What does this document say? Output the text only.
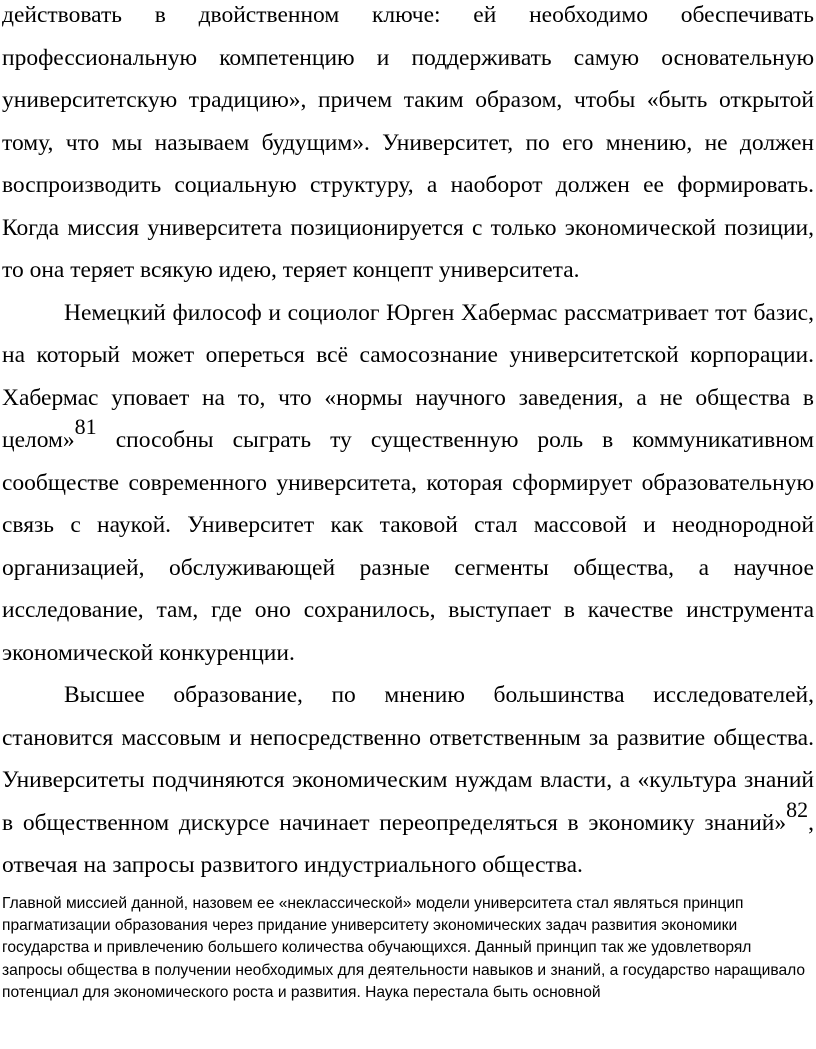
действовать в двойственном ключе: ей необходимо обеспечивать профессиональную компетенцию и поддерживать самую основательную университетскую традицию», причем таким образом, чтобы «быть открытой тому, что мы называем будущим». Университет, по его мнению, не должен воспроизводить социальную структуру, а наоборот должен ее формировать. Когда миссия университета позиционируется с только экономической позиции, то она теряет всякую идею, теряет концепт университета.

Немецкий философ и социолог Юрген Хабермас рассматривает тот базис, на который может опереться всё самосознание университетской корпорации. Хабермас уповает на то, что «нормы научного заведения, а не общества в целом»$^{81}$ способны сыграть ту существенную роль в коммуникативном сообществе современного университета, которая сформирует образовательную связь с наукой. Университет как таковой стал массовой и неоднородной организацией, обслуживающей разные сегменты общества, а научное исследование, там, где оно сохранилось, выступает в качестве инструмента экономической конкуренции.

Высшее образование, по мнению большинства исследователей, становится массовым и непосредственно ответственным за развитие общества. Университеты подчиняются экономическим нуждам власти, а «культура знаний в общественном дискурсе начинает переопределяться в экономику знаний»$^{82}$, отвечая на запросы развитого индустриального общества.

Главной миссией данной, назовем ее «неклассической» модели университета стал являться принцип прагматизации образования через придание университету экономических задач развития экономики государства и привлечению большего количества обучающихся. Данный принцип так же удовлетворял запросы общества в получении необходимых для деятельности навыков и знаний, а государство наращивало потенциал для экономического роста и развития. Наука перестала быть основной
